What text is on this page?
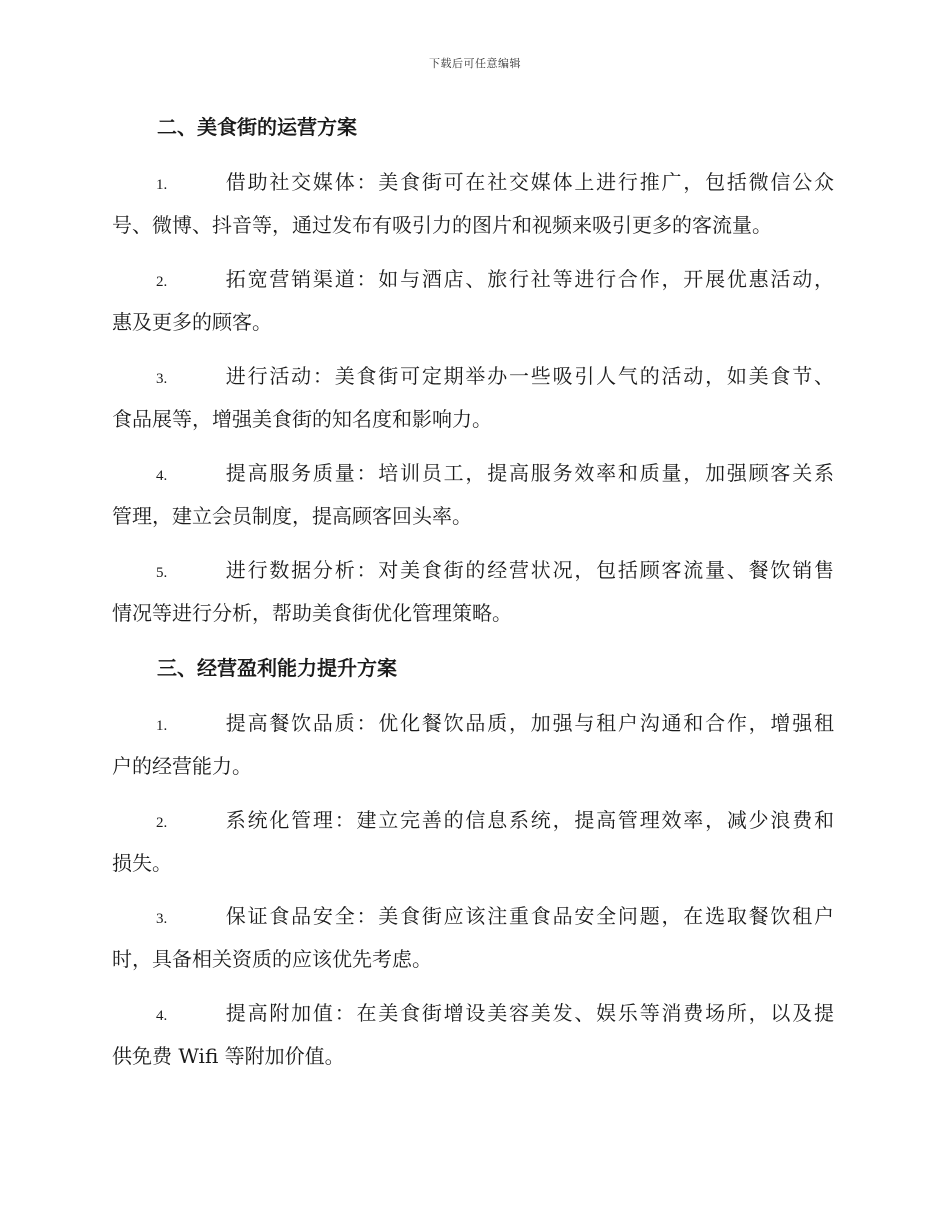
下载后可任意编辑
二、美食街的运营方案
1.	借助社交媒体：美食街可在社交媒体上进行推广，包括微信公众
号、微博、抖音等，通过发布有吸引力的图片和视频来吸引更多的客流量。
2.	拓宽营销渠道：如与酒店、旅行社等进行合作，开展优惠活动，
惠及更多的顾客。
3.	进行活动：美食街可定期举办一些吸引人气的活动，如美食节、
食品展等，增强美食街的知名度和影响力。
4.	提高服务质量：培训员工，提高服务效率和质量，加强顾客关系
管理，建立会员制度，提高顾客回头率。
5.	进行数据分析：对美食街的经营状况，包括顾客流量、餐饮销售
情况等进行分析，帮助美食街优化管理策略。
三、经营盈利能力提升方案
1.	提高餐饮品质：优化餐饮品质，加强与租户沟通和合作，增强租
户的经营能力。
2.	系统化管理：建立完善的信息系统，提高管理效率，减少浪费和
损失。
3.	保证食品安全：美食街应该注重食品安全问题，在选取餐饮租户
时，具备相关资质的应该优先考虑。
4.	提高附加值：在美食街增设美容美发、娱乐等消费场所，以及提
供免费 Wifi 等附加价值。
